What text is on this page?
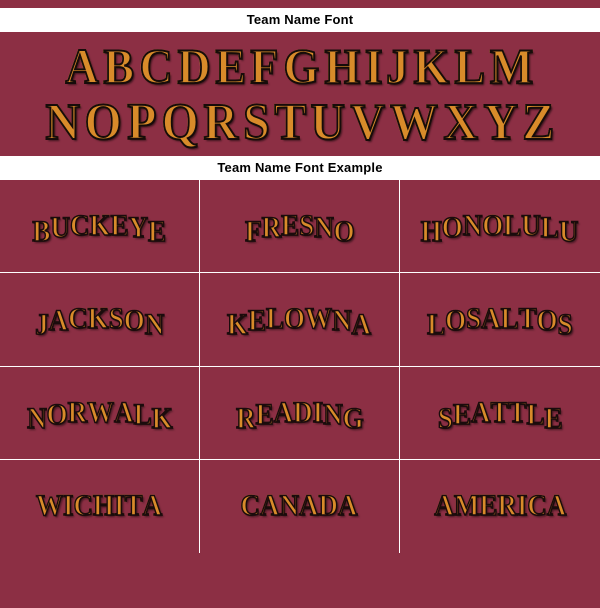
Team Name Font
ABCDEFG HIJKL M
NOPQRSTUV W XYZ
Team Name Font Example
BUCKEYE	FRESNO HONOLULU
JACKSON KELOWNA LOSALTOS
NORWALK READING SEATTLE
WICHITA	CANADA	AMERICA
